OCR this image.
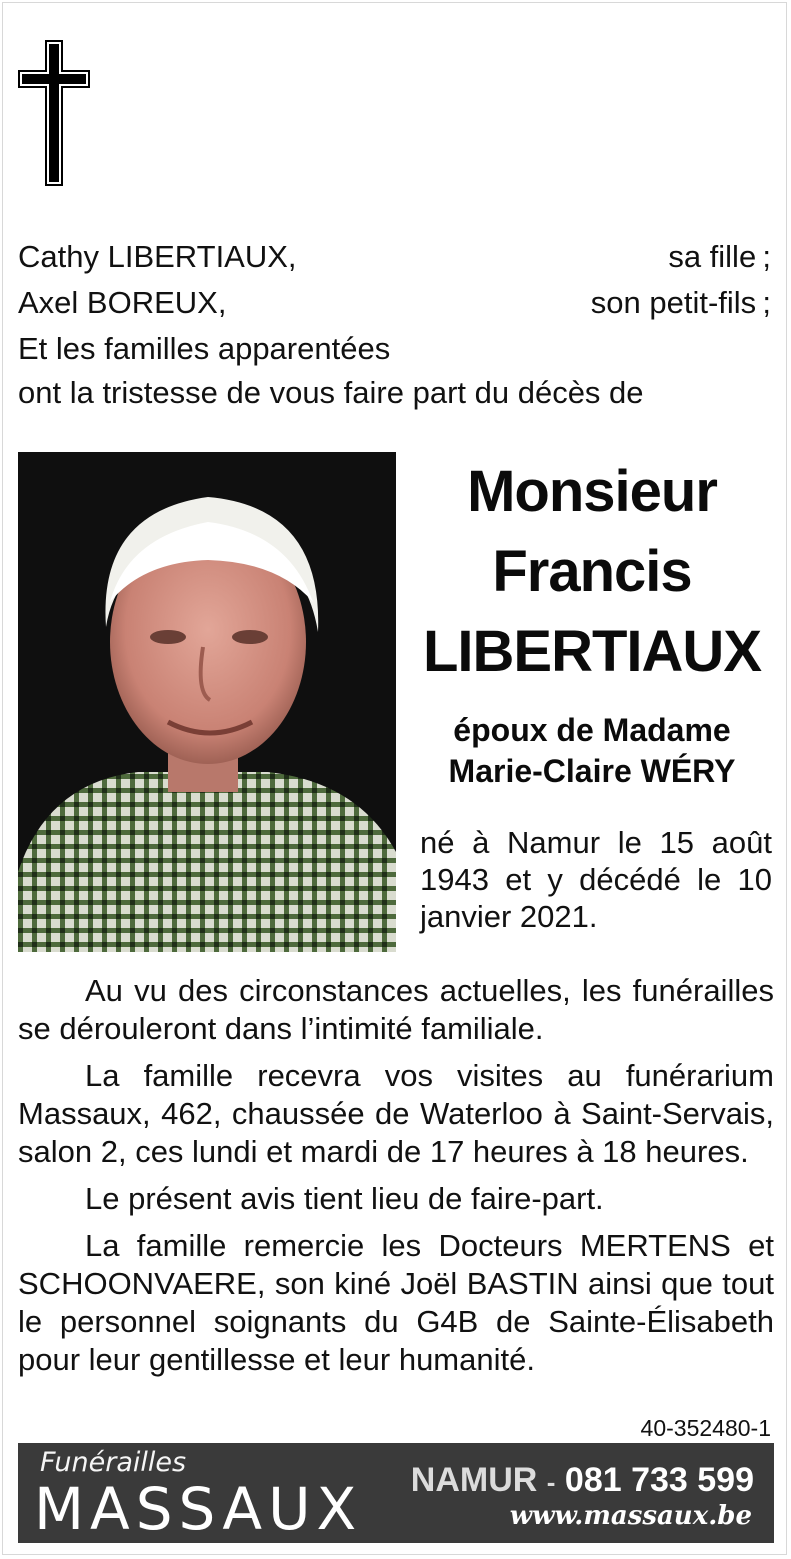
Cathy LIBERTIAUX,	sa fille ;
Axel BOREUX,	son petit-fils ;
Et les familles apparentées
ont la tristesse de vous faire part du décès de
Monsieur
Francis
LIBERTIAUX
époux de Madame
Marie-Claire WÉRY
né à Namur le 15 août 1943 et y décédé le 10 janvier 2021.

Au vu des circonstances actuelles, les funérailles se dérouleront dans l’intimité familiale.

La famille recevra vos visites au funérarium Massaux, 462, chaussée de Waterloo à Saint-Servais, salon 2, ces lundi et mardi de 17 heures à 18 heures.

Le présent avis tient lieu de faire-part.

La famille remercie les Docteurs MERTENS et SCHOONVAERE, son kiné Joël BASTIN ainsi que tout le personnel soignants du G4B de Sainte-Élisabeth pour leur gentillesse et leur humanité.

40-352480-1
Funérailles
MASSAUX NAMUR - 081 733 599
www.massaux.be
